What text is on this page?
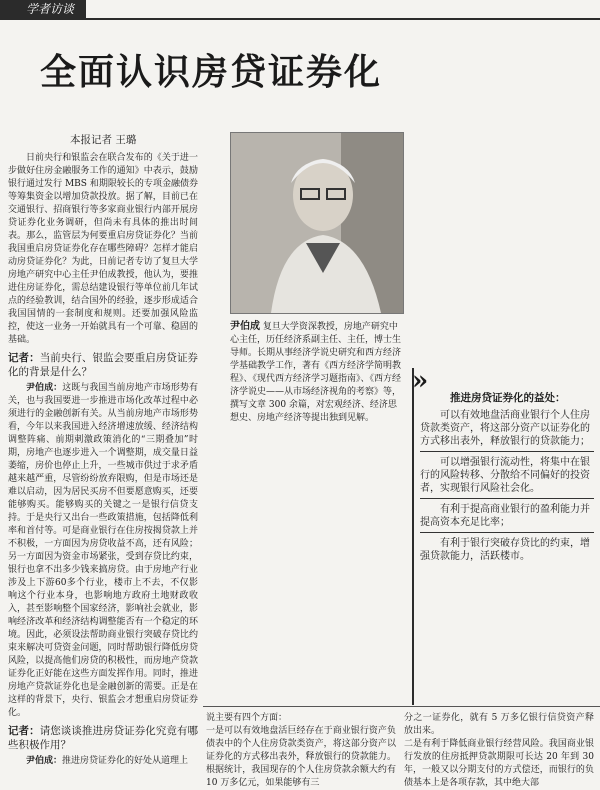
学者访谈
全面认识房贷证券化
本报记者 王璐

日前央行和银监会在联合发布的《关于进一步做好住房金融服务工作的通知》中表示，鼓励银行通过发行 MBS 和期限较长的专项金融债券等筹集资金以增加贷款投放。据了解，目前已在交通银行、招商银行等多家商业银行内部开展房贷证券化业务调研，但尚未有具体的推出时间表。那么，监管层为何要重启房贷证券化？当前我国重启房贷证券化存在哪些障碍？怎样才能启动房贷证券化？为此，日前记者专访了复旦大学房地产研究中心主任尹伯成教授，他认为，要推进住房证券化，需总结建设银行等单位前几年试点的经验教训，结合国外的经验，逐步形成适合我国国情的一套制度和规则。还要加强风险监控，使这一业务一开始就具有一个可靠、稳固的基础。

记者：当前央行、银监会要重启房贷证券化的背景是什么？

尹伯成：这既与我国当前房地产市场形势有关，也与我国要进一步推进市场化改革过程中必须进行的金融创新有关。从当前房地产市场形势看，今年以来我国进入经济增速放缓、经济结构调整阵痛、前期刺激政策消化的“三期叠加”时期，房地产也逐步进入一个调整期，成交量日益萎缩，房价也停止上升，一些城市供过于求矛盾越来越严重，尽管纷纷放弃限购，但是市场还是难以启动，因为居民买房不但要愿意购买，还要能够购买。能够购买的关键之一是银行信贷支持。于是央行又出台一些政策措施，包括降低利率和首付等。可是商业银行在住房按揭贷款上并不积极，一方面因为房贷收益不高，还有风险；另一方面因为资金市场紧张，受到存贷比约束，银行也拿不出多少钱来搞房贷。由于房地产行业涉及上下游60多个行业，楼市上不去，不仅影响这个行业本身，也影响地方政府土地财政收入，甚至影响整个国家经济，影响社会就业，影响经济改革和经济结构调整能否有一个稳定的环境。因此，必须设法帮助商业银行突破存贷比约束来解决可贷资金问题，同时帮助银行降低房贷风险，以提高他们房贷的积极性，而房地产贷款证券化正好能在这些方面发挥作用。同时，推进房地产贷款证券化也是金融创新的需要。正是在这样的背景下，央行、银监会才想重启房贷证券化。

记者：请您谈谈推进房贷证券化究竟有哪些积极作用？

尹伯成：推进房贷证券化的好处从道理上

尹伯成 复旦大学资深教授，房地产研究中心主任，历任经济系副主任、主任，博士生导师。长期从事经济学说史研究和西方经济学基础教学工作，著有《西方经济学简明教程》、《现代西方经济学习题指南》、《西方经济学说史——从市场经济视角的考察》等，撰写文章 300 余篇，对宏观经济、经济思想史、房地产经济等提出独到见解。
»
推进房贷证券化的益处：
可以有效地盘活商业银行个人住房贷款类资产，将这部分资产以证券化的方式移出表外，释放银行的贷款能力；
可以增强银行流动性，将集中在银行的风险转移、分散给不同偏好的投资者，实现银行风险社会化。
有利于提高商业银行的盈利能力并提高资本充足比率；
有利于银行突破存贷比的约束，增强贷款能力，活跃楼市。
说主要有四个方面：
一是可以有效地盘活巨经存在于商业银行资产负债表中的个人住房贷款类资产，将这部分资产以证券化的方式移出表外，释放银行的贷款能力。根据统计，我国现存的个人住房贷款余额大约有 10 万多亿元，如果能够有三
分之一证券化，就有 5 万多亿银行信贷资产释放出来。
二是有利于降低商业银行经营风险。我国商业银行发放的住房抵押贷款期限可长达 20 年到 30 年，一般又以分期支付的方式偿还，而银行的负债基本上是各项存款，其中绝大部
